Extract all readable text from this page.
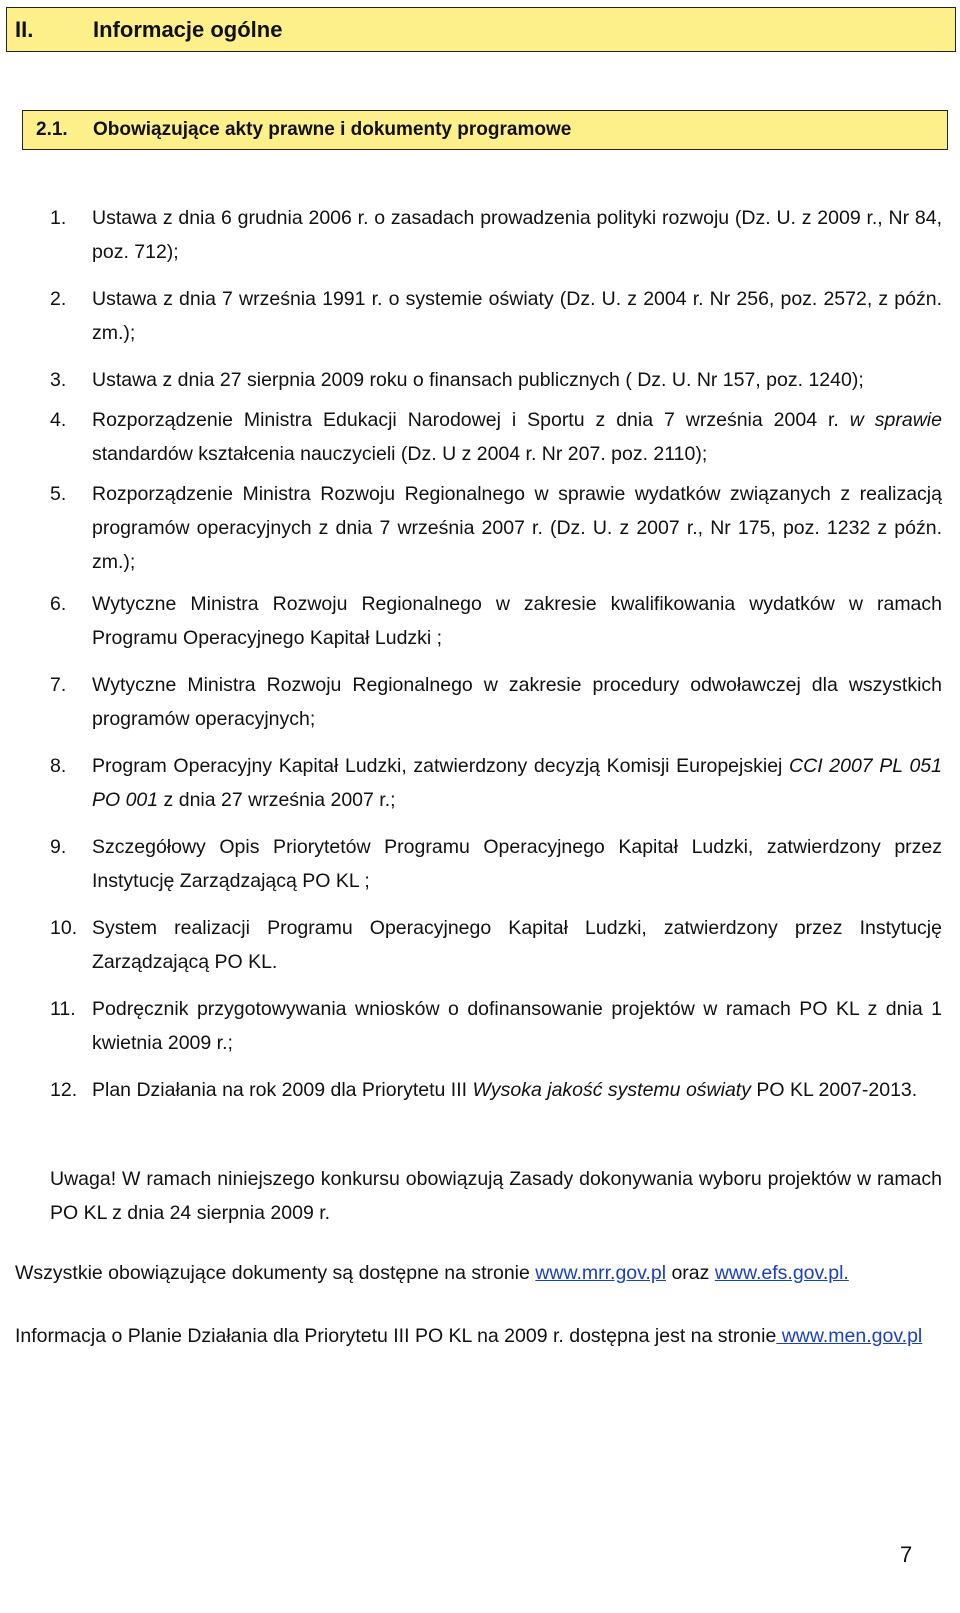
II.	Informacje ogólne
2.1. Obowiązujące akty prawne i dokumenty programowe
1. Ustawa z dnia 6 grudnia 2006 r. o zasadach prowadzenia polityki rozwoju (Dz. U. z 2009 r., Nr 84, poz. 712);
2. Ustawa z dnia 7 września 1991 r. o systemie oświaty (Dz. U. z 2004 r. Nr 256, poz. 2572, z późn. zm.);
3. Ustawa z dnia 27 sierpnia 2009 roku o finansach publicznych ( Dz. U. Nr 157, poz. 1240);
4. Rozporządzenie Ministra Edukacji Narodowej i Sportu z dnia 7 września 2004 r. w sprawie standardów kształcenia nauczycieli (Dz. U z 2004 r. Nr 207. poz. 2110);
5. Rozporządzenie Ministra Rozwoju Regionalnego w sprawie wydatków związanych z realizacją programów operacyjnych z dnia 7 września 2007 r. (Dz. U. z 2007 r., Nr 175, poz. 1232 z późn. zm.);
6. Wytyczne Ministra Rozwoju Regionalnego w zakresie kwalifikowania wydatków w ramach Programu Operacyjnego Kapitał Ludzki ;
7. Wytyczne Ministra Rozwoju Regionalnego w zakresie procedury odwoławczej dla wszystkich programów operacyjnych;
8. Program Operacyjny Kapitał Ludzki, zatwierdzony decyzją Komisji Europejskiej CCI 2007 PL 051 PO 001 z dnia 27 września 2007 r.;
9. Szczegółowy Opis Priorytetów Programu Operacyjnego Kapitał Ludzki, zatwierdzony przez Instytucję Zarządzającą PO KL ;
10. System realizacji Programu Operacyjnego Kapitał Ludzki, zatwierdzony przez Instytucję Zarządzającą PO KL.
11. Podręcznik przygotowywania wniosków o dofinansowanie projektów w ramach PO KL z dnia 1 kwietnia 2009 r.;
12. Plan Działania na rok 2009 dla Priorytetu III Wysoka jakość systemu oświaty PO KL 2007-2013.
Uwaga! W ramach niniejszego konkursu obowiązują Zasady dokonywania wyboru projektów w ramach PO KL z dnia 24 sierpnia 2009 r.
Wszystkie obowiązujące dokumenty są dostępne na stronie www.mrr.gov.pl oraz www.efs.gov.pl.
Informacja o Planie Działania dla Priorytetu III PO KL na 2009 r. dostępna jest na stronie www.men.gov.pl
7
